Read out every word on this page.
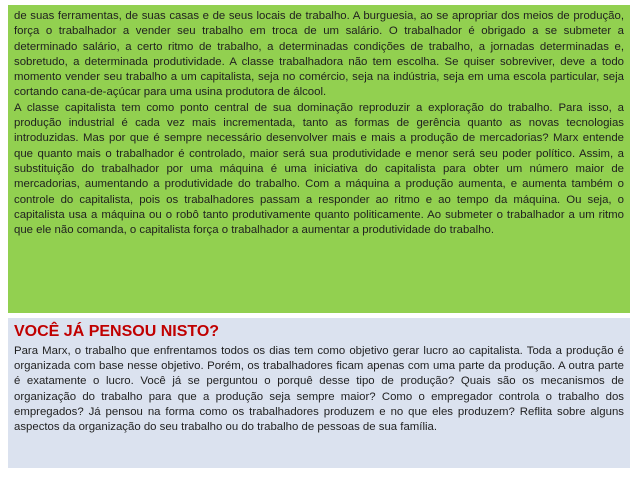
de suas ferramentas, de suas casas e de seus locais de trabalho. A burguesia, ao se apropriar dos meios de produção, força o trabalhador a vender seu trabalho em troca de um salário. O trabalhador é obrigado a se submeter a determinado salário, a certo ritmo de trabalho, a determinadas condições de trabalho, a jornadas determinadas e, sobretudo, a determinada produtividade. A classe trabalhadora não tem escolha. Se quiser sobreviver, deve a todo momento vender seu trabalho a um capitalista, seja no comércio, seja na indústria, seja em uma escola particular, seja cortando cana-de-açúcar para uma usina produtora de álcool.

A classe capitalista tem como ponto central de sua dominação reproduzir a exploração do trabalho. Para isso, a produção industrial é cada vez mais incrementada, tanto as formas de gerência quanto as novas tecnologias introduzidas. Mas por que é sempre necessário desenvolver mais e mais a produção de mercadorias? Marx entende que quanto mais o trabalhador é controlado, maior será sua produtividade e menor será seu poder político. Assim, a substituição do trabalhador por uma máquina é uma iniciativa do capitalista para obter um número maior de mercadorias, aumentando a produtividade do trabalho. Com a máquina a produção aumenta, e aumenta também o controle do capitalista, pois os trabalhadores passam a responder ao ritmo e ao tempo da máquina. Ou seja, o capitalista usa a máquina ou o robô tanto produtivamente quanto politicamente. Ao submeter o trabalhador a um ritmo que ele não comanda, o capitalista força o trabalhador a aumentar a produtividade do trabalho.

VOCÊ JÁ PENSOU NISTO?

Para Marx, o trabalho que enfrentamos todos os dias tem como objetivo gerar lucro ao capitalista. Toda a produção é organizada com base nesse objetivo. Porém, os trabalhadores ficam apenas com uma parte da produção. A outra parte é exatamente o lucro. Você já se perguntou o porquê desse tipo de produção? Quais são os mecanismos de organização do trabalho para que a produção seja sempre maior? Como o empregador controla o trabalho dos empregados? Já pensou na forma como os trabalhadores produzem e no que eles produzem? Reflita sobre alguns aspectos da organização do seu trabalho ou do trabalho de pessoas de sua família.
